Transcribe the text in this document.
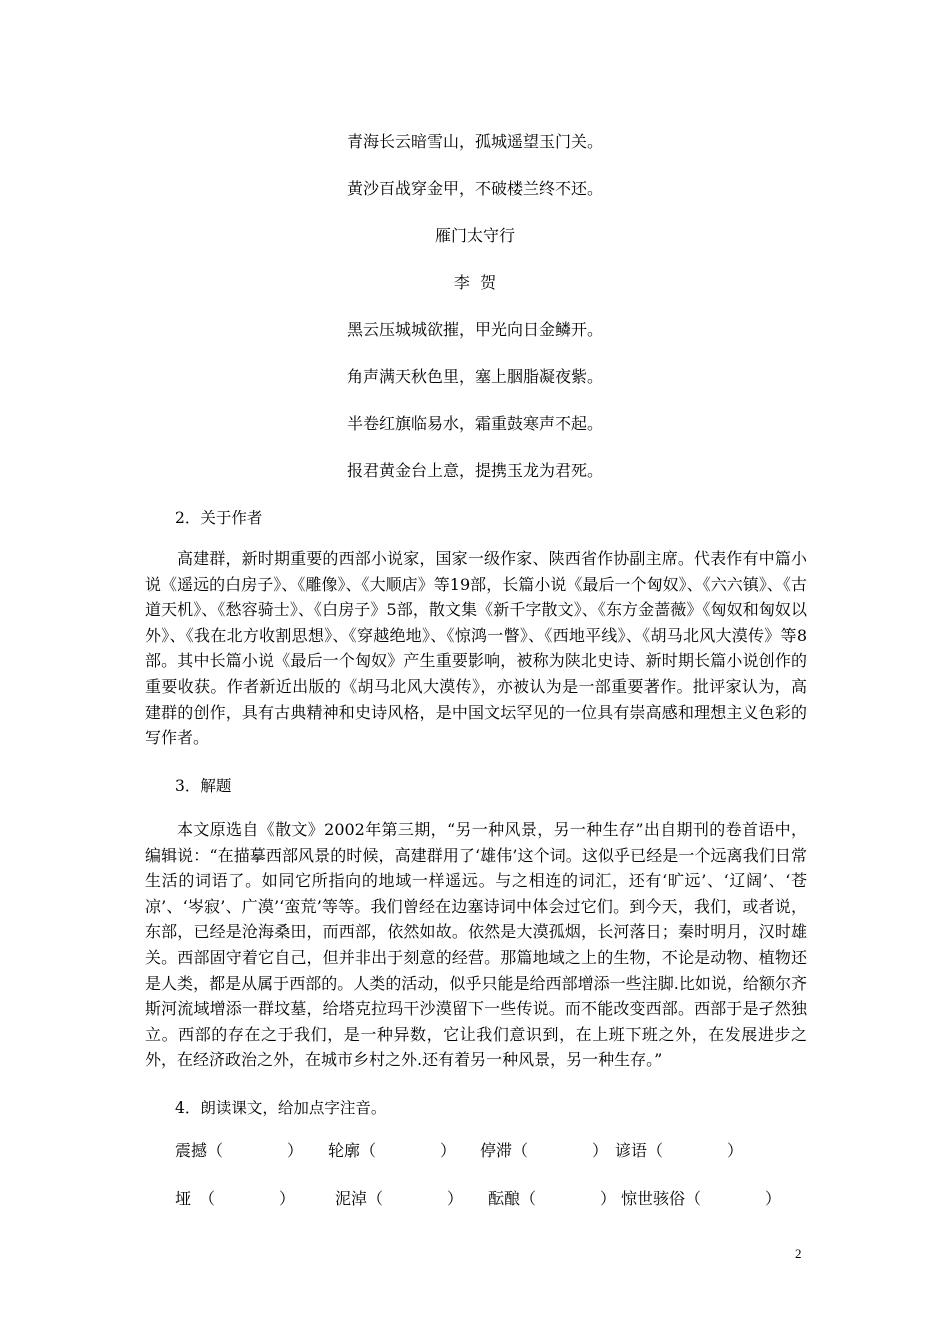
青海长云暗雪山，孤城遥望玉门关。
黄沙百战穿金甲，不破楼兰终不还。
雁门太守行
李  贺
黑云压城城欲摧，甲光向日金鳞开。
角声满天秋色里，塞上胭脂凝夜紫。
半卷红旗临易水，霜重鼓寒声不起。
报君黄金台上意，提携玉龙为君死。
2．关于作者
高建群，新时期重要的西部小说家，国家一级作家、陕西省作协副主席。代表作有中篇小说《遥远的白房子》、《雕像》、《大顺店》等19部，长篇小说《最后一个匈奴》、《六六镇》、《古道天机》、《愁容骑士》、《白房子》5部，散文集《新千字散文》、《东方金蔷薇》《匈奴和匈奴以外》、《我在北方收割思想》、《穿越绝地》、《惊鸿一瞥》、《西地平线》、《胡马北风大漠传》等8部。其中长篇小说《最后一个匈奴》产生重要影响，被称为陕北史诗、新时期长篇小说创作的重要收获。作者新近出版的《胡马北风大漠传》，亦被认为是一部重要著作。批评家认为，高建群的创作，具有古典精神和史诗风格，是中国文坛罕见的一位具有崇高感和理想主义色彩的写作者。
3．解题
本文原选自《散文》2002年第三期，“另一种风景，另一种生存”出自期刊的卷首语中，编辑说：“在描摹西部风景的时候，高建群用了‘雄伟’这个词。这似乎已经是一个远离我们日常生活的词语了。如同它所指向的地域一样遥远。与之相连的词汇，还有‘旷远’、‘辽阔’、‘苍凉’、‘岑寂’、广漠’‘蛮荒’等等。我们曾经在边塞诗词中体会过它们。到今天，我们，或者说，东部，已经是沧海桑田，而西部，依然如故。依然是大漠孤烟，长河落日；秦时明月，汉时雄关。西部固守着它自己，但并非出于刻意的经营。那篇地域之上的生物，不论是动物、植物还是人类，都是从属于西部的。人类的活动，似乎只能是给西部增添一些注脚.比如说，给额尔齐斯河流域增添一群坟墓，给塔克拉玛干沙漠留下一些传说。而不能改变西部。西部于是孑然独立。西部的存在之于我们，是一种异数，它让我们意识到，在上班下班之外，在发展进步之外，在经济政治之外，在城市乡村之外.还有着另一种风景，另一种生存。”
4．朗读课文，给加点字注音。
震撼（　　　　） 轮廓（　　　　） 停滞（　　　　） 谚语（　　　　）
垭　（　　　　） 泥淖（　　　　） 酝酿（　　　　） 惊世骇俗（　　　　）
2
